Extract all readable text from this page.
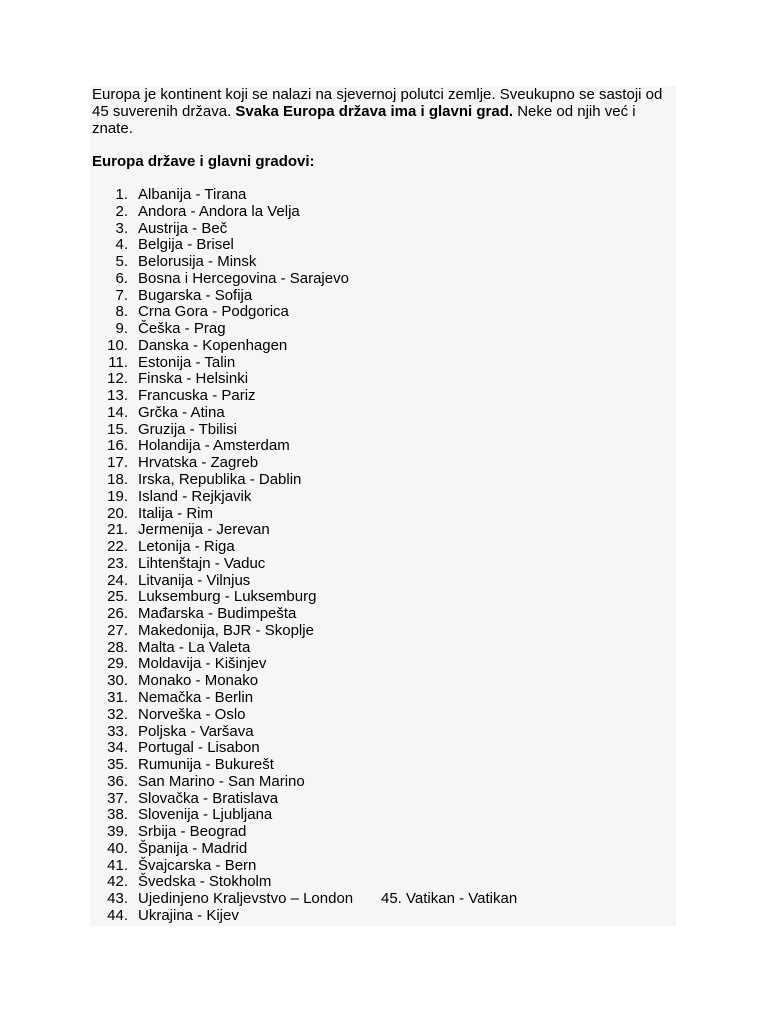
Europa je kontinent koji se nalazi na sjevernoj polutci zemlje. Sveukupno se sastoji od 45 suverenih država. Svaka Europa država ima i glavni grad. Neke od njih već i znate.

Europa države i glavni gradovi:

1. Albanija - Tirana
2. Andora - Andora la Velja
3. Austrija - Beč
4. Belgija - Brisel
5. Belorusija - Minsk
6. Bosna i Hercegovina - Sarajevo
7. Bugarska - Sofija
8. Crna Gora - Podgorica
9. Češka - Prag
10. Danska - Kopenhagen
11. Estonija - Talin
12. Finska - Helsinki
13. Francuska - Pariz
14. Grčka - Atina
15. Gruzija - Tbilisi
16. Holandija - Amsterdam
17. Hrvatska - Zagreb
18. Irska, Republika - Dablin
19. Island - Rejkjavik
20. Italija - Rim
21. Jermenija - Jerevan
22. Letonija - Riga
23. Lihtenštajn - Vaduc
24. Litvanija - Vilnjus
25. Luksemburg - Luksemburg
26. Mađarska - Budimpešta
27. Makedonija, BJR - Skoplje
28. Malta - La Valeta
29. Moldavija - Kišinjev
30. Monako - Monako
31. Nemačka - Berlin
32. Norveška - Oslo
33. Poljska - Varšava
34. Portugal - Lisabon
35. Rumunija - Bukurešt
36. San Marino - San Marino
37. Slovačka - Bratislava
38. Slovenija - Ljubljana
39. Srbija - Beograd
40. Španija - Madrid
41. Švajcarska - Bern
42. Švedska - Stokholm
43. Ujedinjeno Kraljevstvo – London 45. Vatikan - Vatikan
44. Ukrajina - Kijev
